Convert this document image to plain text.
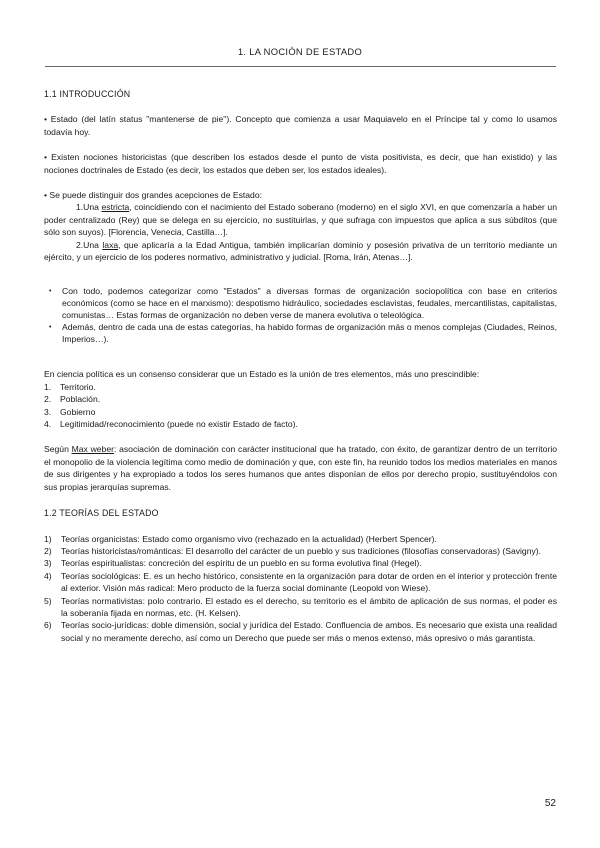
1. LA NOCIÓN DE ESTADO
1.1 INTRODUCCIÓN

• Estado (del latín status "mantenerse de pie"). Concepto que comienza a usar Maquiavelo en el Príncipe tal y como lo usamos todavía hoy.

• Existen nociones historicistas (que describen los estados desde el punto de vista positivista, es decir, que han existido) y las nociones doctrinales de Estado (es decir, los estados que deben ser, los estados ideales).

• Se puede distinguir dos grandes acepciones de Estado:

1.Una estricta, coincidiendo con el nacimiento del Estado soberano (moderno) en el siglo XVI, en que comenzaría a haber un poder centralizado (Rey) que se delega en su ejercicio, no sustituirlas, y que sufraga con impuestos que aplica a sus súbditos (que sólo son suyos). [Florencia, Venecia, Castilla…].

2.Una laxa, que aplicaría a la Edad Antigua, también implicarían dominio y posesión privativa de un territorio mediante un ejército, y un ejercicio de los poderes normativo, administrativo y judicial. [Roma, Irán, Atenas…].

• Con todo, podemos categorizar como "Estados" a diversas formas de organización sociopolítica con base en criterios económicos (como se hace en el marxismo): despotismo hidráulico, sociedades esclavistas, feudales, mercantilistas, capitalistas, comunistas… Estas formas de organización no deben verse de manera evolutiva o teleológica.
• Además, dentro de cada una de estas categorías, ha habido formas de organización más o menos complejas (Ciudades, Reinos, Imperios…).

En ciencia política es un consenso considerar que un Estado es la unión de tres elementos, más uno prescindible:

1. Territorio.
2. Población.
3. Gobierno
4. Legitimidad/reconocimiento (puede no existir Estado de facto).

Según Max weber: asociación de dominación con carácter institucional que ha tratado, con éxito, de garantizar dentro de un territorio el monopolio de la violencia legítima como medio de dominación y que, con este fin, ha reunido todos los medios materiales en manos de sus dirigentes y ha expropiado a todos los seres humanos que antes disponían de ellos por derecho propio, sustituyéndolos con sus propias jerarquías supremas.

1.2 TEORÍAS DEL ESTADO
1) Teorías organicistas: Estado como organismo vivo (rechazado en la actualidad) (Herbert Spencer).
2) Teorías historicistas/románticas: El desarrollo del carácter de un pueblo y sus tradiciones (filosofías conservadoras) (Savigny).
3) Teorías espiritualistas: concreción del espíritu de un pueblo en su forma evolutiva final (Hegel).
4) Teorías sociológicas: E. es un hecho histórico, consistente en la organización para dotar de orden en el interior y protección frente al exterior. Visión más radical: Mero producto de la fuerza social dominante (Leopold von Wiese).
5) Teorías normativistas: polo contrario. El estado es el derecho, su territorio es el ámbito de aplicación de sus normas, el poder es la soberanía fijada en normas, etc. (H. Kelsen).
6) Teorías socio-jurídicas: doble dimensión, social y jurídica del Estado. Confluencia de ambos. Es necesario que exista una realidad social y no meramente derecho, así como un Derecho que puede ser más o menos extenso, más opresivo o más garantista.
52
